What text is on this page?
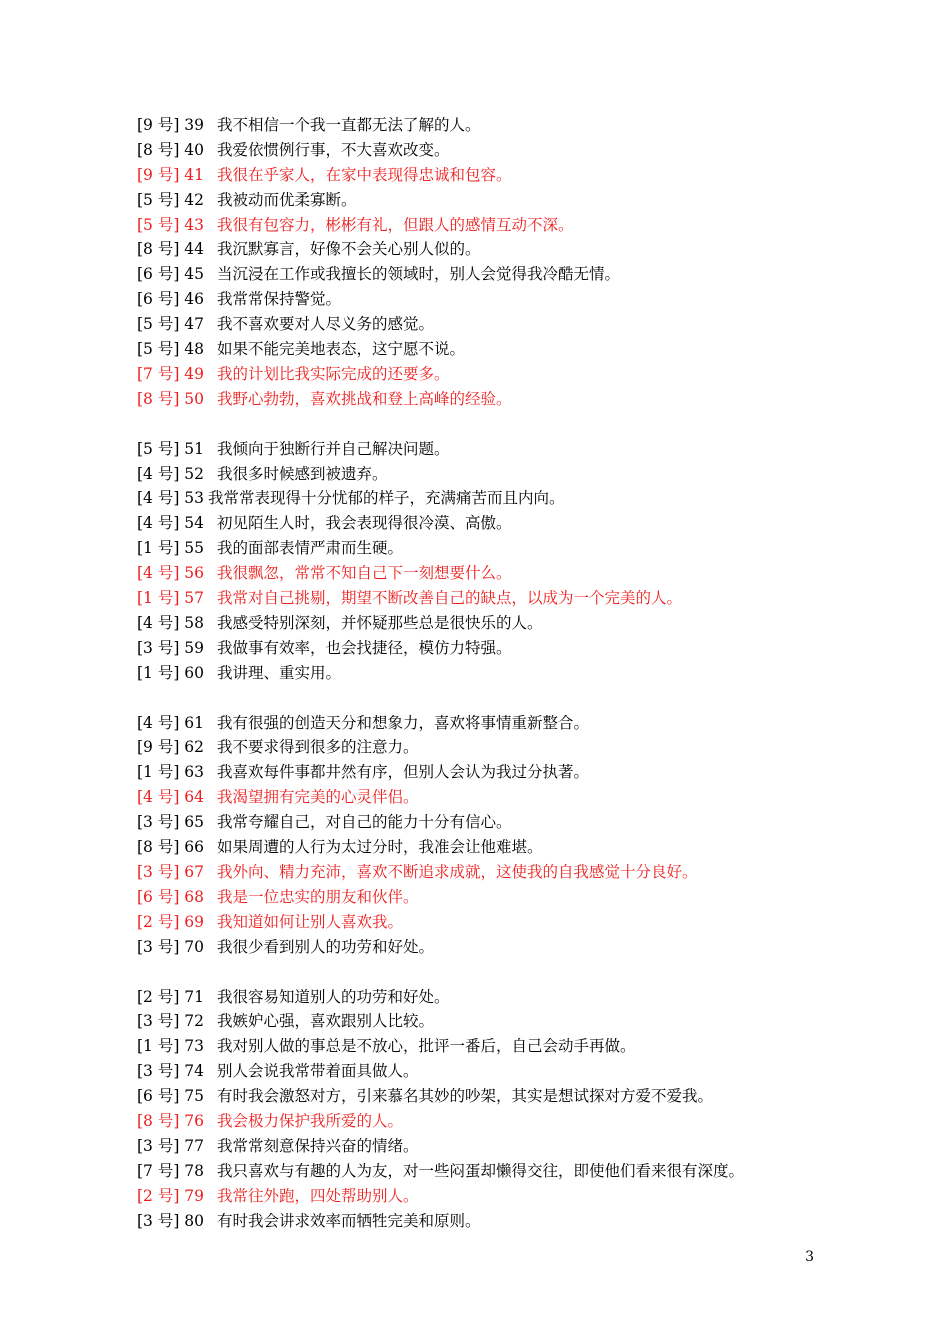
[9 号] 39 我不相信一个我一直都无法了解的人。
[8 号] 40 我爱依惯例行事，不大喜欢改变。
[9 号] 41 我很在乎家人，在家中表现得忠诚和包容。
[5 号] 42 我被动而优柔寡断。
[5 号] 43 我很有包容力，彬彬有礼，但跟人的感情互动不深。
[8 号] 44 我沉默寡言，好像不会关心别人似的。
[6 号] 45 当沉浸在工作或我擅长的领域时，别人会觉得我冷酷无情。
[6 号] 46 我常常保持警觉。
[5 号] 47 我不喜欢要对人尽义务的感觉。
[5 号] 48 如果不能完美地表态，这宁愿不说。
[7 号] 49 我的计划比我实际完成的还要多。
[8 号] 50 我野心勃勃，喜欢挑战和登上高峰的经验。
[5 号] 51 我倾向于独断行并自己解决问题。
[4 号] 52 我很多时候感到被遗弃。
[4 号] 53 我常常表现得十分忧郁的样子，充满痛苦而且内向。
[4 号] 54 初见陌生人时，我会表现得很冷漠、高傲。
[1 号] 55 我的面部表情严肃而生硬。
[4 号] 56 我很飘忽，常常不知自己下一刻想要什么。
[1 号] 57 我常对自己挑剔，期望不断改善自己的缺点，以成为一个完美的人。
[4 号] 58 我感受特别深刻，并怀疑那些总是很快乐的人。
[3 号] 59 我做事有效率，也会找捷径，模仿力特强。
[1 号] 60 我讲理、重实用。
[4 号] 61 我有很强的创造天分和想象力，喜欢将事情重新整合。
[9 号] 62 我不要求得到很多的注意力。
[1 号] 63 我喜欢每件事都井然有序，但别人会认为我过分执著。
[4 号] 64 我渴望拥有完美的心灵伴侣。
[3 号] 65 我常夸耀自己，对自己的能力十分有信心。
[8 号] 66 如果周遭的人行为太过分时，我准会让他难堪。
[3 号] 67 我外向、精力充沛，喜欢不断追求成就，这使我的自我感觉十分良好。
[6 号] 68 我是一位忠实的朋友和伙伴。
[2 号] 69 我知道如何让别人喜欢我。
[3 号] 70 我很少看到别人的功劳和好处。
[2 号] 71 我很容易知道别人的功劳和好处。
[3 号] 72 我嫉妒心强，喜欢跟别人比较。
[1 号] 73 我对别人做的事总是不放心，批评一番后，自己会动手再做。
[3 号] 74 别人会说我常带着面具做人。
[6 号] 75 有时我会激怒对方，引来慕名其妙的吵架，其实是想试探对方爱不爱我。
[8 号] 76 我会极力保护我所爱的人。
[3 号] 77 我常常刻意保持兴奋的情绪。
[7 号] 78 我只喜欢与有趣的人为友，对一些闷蛋却懒得交往，即使他们看来很有深度。
[2 号] 79 我常往外跑，四处帮助别人。
[3 号] 80 有时我会讲求效率而牺牲完美和原则。
3
